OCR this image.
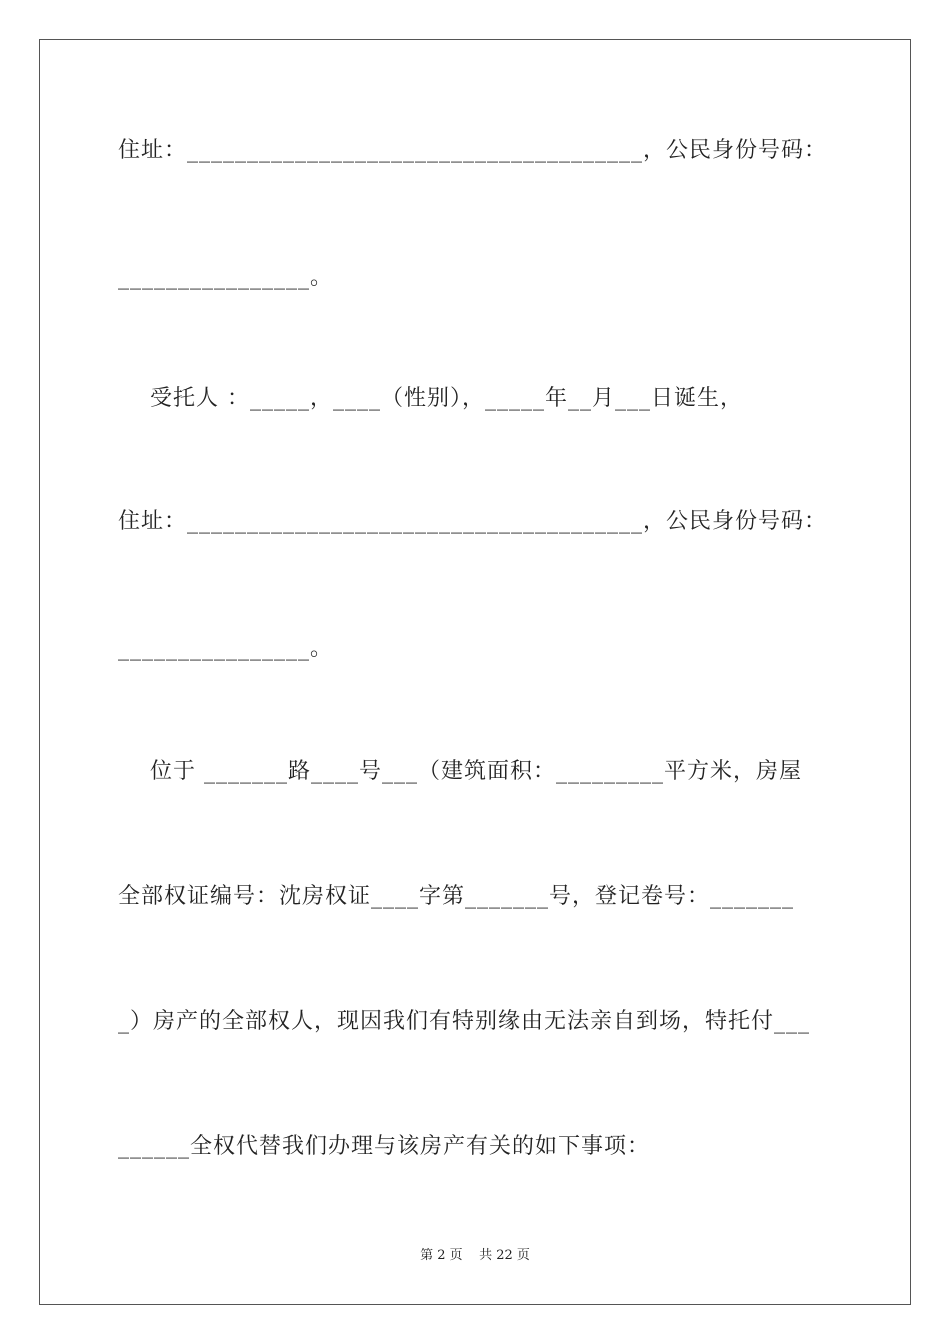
住址：______________________________________，公民身份号码：
________________。
受托人 ：_____，____（性别），_____年__月___日诞生，
住址：______________________________________，公民身份号码：
________________。
位于 _______路____号___（建筑面积：_________平方米，房屋
全部权证编号：沈房权证____字第_______号，登记卷号：_______
_）房产的全部权人，现因我们有特别缘由无法亲自到场，特托付___
______全权代替我们办理与该房产有关的如下事项：
第 2 页    共 22 页
